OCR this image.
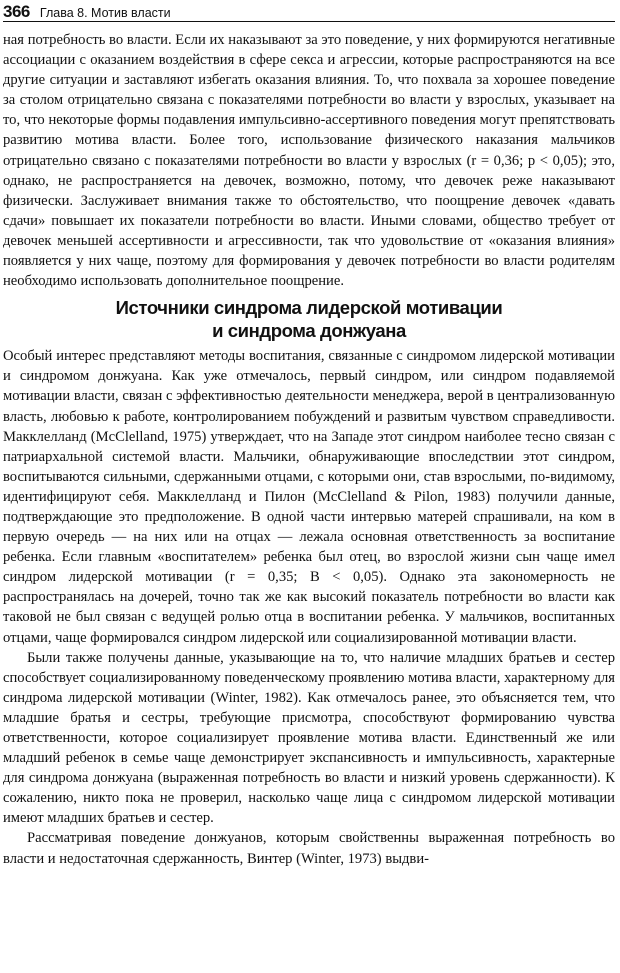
366 Глава 8. Мотив власти

ная потребность во власти. Если их наказывают за это поведение, у них формируются негативные ассоциации с оказанием воздействия в сфере секса и агрессии, которые распространяются на все другие ситуации и заставляют избегать оказания влияния. То, что похвала за хорошее поведение за столом отрицательно связана с показателями потребности во власти у взрослых, указывает на то, что некоторые формы подавления импульсивно-ассертивного поведения могут препятствовать развитию мотива власти. Более того, использование физического наказания мальчиков отрицательно связано с показателями потребности во власти у взрослых (r = 0,36; p < 0,05); это, однако, не распространяется на девочек, возможно, потому, что девочек реже наказывают физически. Заслуживает внимания также то обстоятельство, что поощрение девочек «давать сдачи» повышает их показатели потребности во власти. Иными словами, общество требует от девочек меньшей ассертивности и агрессивности, так что удовольствие от «оказания влияния» появляется у них чаще, поэтому для формирования у девочек потребности во власти родителям необходимо использовать дополнительное поощрение.

Источники синдрома лидерской мотивации
и синдрома донжуана

Особый интерес представляют методы воспитания, связанные с синдромом лидерской мотивации и синдромом донжуана. Как уже отмечалось, первый синдром, или синдром подавляемой мотивации власти, связан с эффективностью деятельности менеджера, верой в централизованную власть, любовью к работе, контролированием побуждений и развитым чувством справедливости. Макклелланд (McClelland, 1975) утверждает, что на Западе этот синдром наиболее тесно связан с патриархальной системой власти. Мальчики, обнаруживающие впоследствии этот синдром, воспитываются сильными, сдержанными отцами, с которыми они, став взрослыми, по-видимому, идентифицируют себя. Макклелланд и Пилон (McClelland & Pilon, 1983) получили данные, подтверждающие это предположение. В одной части интервью матерей спрашивали, на ком в первую очередь — на них или на отцах — лежала основная ответственность за воспитание ребенка. Если главным «воспитателем» ребенка был отец, во взрослой жизни сын чаще имел синдром лидерской мотивации (r = 0,35; B < 0,05). Однако эта закономерность не распространялась на дочерей, точно так же как высокий показатель потребности во власти как таковой не был связан с ведущей ролью отца в воспитании ребенка. У мальчиков, воспитанных отцами, чаще формировался синдром лидерской или социализированной мотивации власти.

Были также получены данные, указывающие на то, что наличие младших братьев и сестер способствует социализированному поведенческому проявлению мотива власти, характерному для синдрома лидерской мотивации (Winter, 1982). Как отмечалось ранее, это объясняется тем, что младшие братья и сестры, требующие присмотра, способствуют формированию чувства ответственности, которое социализирует проявление мотива власти. Единственный же или младший ребенок в семье чаще демонстрирует экспансивность и импульсивность, характерные для синдрома донжуана (выраженная потребность во власти и низкий уровень сдержанности). К сожалению, никто пока не проверил, насколько чаще лица с синдромом лидерской мотивации имеют младших братьев и сестер.

Рассматривая поведение донжуанов, которым свойственны выраженная потребность во власти и недостаточная сдержанность, Винтер (Winter, 1973) выдви-
